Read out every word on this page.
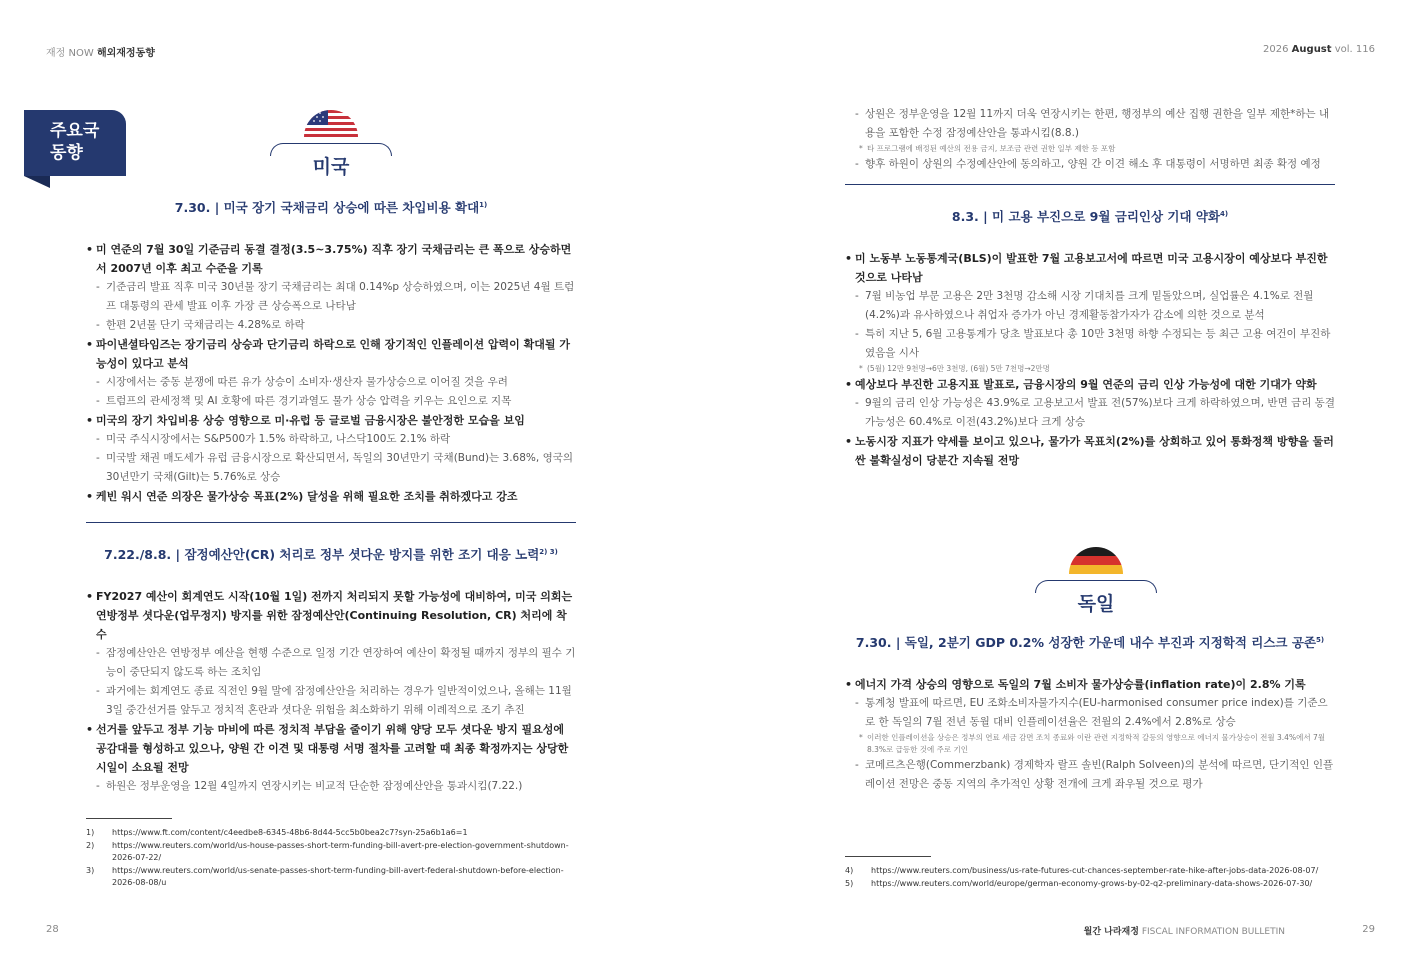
재정 NOW 해외재정동향	2026 August vol. 116
주요국
동향
미국
7.30. | 미국 장기 국채금리 상승에 따른 차입비용 확대$^{1)}$
• 미 연준의 7월 30일 기준금리 동결 결정(3.5~3.75%) 직후 장기 국채금리는 큰 폭으로 상승하면서 2007년 이후 최고 수준을 기록
- 기준금리 발표 직후 미국 30년물 장기 국채금리는 최대 0.14%p 상승하였으며, 이는 2025년 4월 트럼프 대통령의 관세 발표 이후 가장 큰 상승폭으로 나타남
- 한편 2년물 단기 국채금리는 4.28%로 하락
• 파이낸셜타임즈는 장기금리 상승과 단기금리 하락으로 인해 장기적인 인플레이션 압력이 확대될 가능성이 있다고 분석
- 시장에서는 중동 분쟁에 따른 유가 상승이 소비자·생산자 물가상승으로 이어질 것을 우려
- 트럼프의 관세정책 및 AI 호황에 따른 경기과열도 물가 상승 압력을 키우는 요인으로 지목
• 미국의 장기 차입비용 상승 영향으로 미·유럽 등 글로벌 금융시장은 불안정한 모습을 보임
- 미국 주식시장에서는 S&P500가 1.5% 하락하고, 나스닥100도 2.1% 하락
- 미국발 채권 매도세가 유럽 금융시장으로 확산되면서, 독일의 30년만기 국채(Bund)는 3.68%, 영국의 30년만기 국채(Gilt)는 5.76%로 상승
• 케빈 워시 연준 의장은 물가상승 목표(2%) 달성을 위해 필요한 조치를 취하겠다고 강조
7.22./8.8. | 잠정예산안(CR) 처리로 정부 셧다운 방지를 위한 조기 대응 노력$^{2) 3)}$
• FY2027 예산이 회계연도 시작(10월 1일) 전까지 처리되지 못할 가능성에 대비하여, 미국 의회는 연방정부 셧다운(업무정지) 방지를 위한 잠정예산안(Continuing Resolution, CR) 처리에 착수
- 잠정예산안은 연방정부 예산을 현행 수준으로 일정 기간 연장하여 예산이 확정될 때까지 정부의 필수 기능이 중단되지 않도록 하는 조치임
- 과거에는 회계연도 종료 직전인 9월 말에 잠정예산안을 처리하는 경우가 일반적이었으나, 올해는 11월 3일 중간선거를 앞두고 정치적 혼란과 셧다운 위험을 최소화하기 위해 이례적으로 조기 추진
• 선거를 앞두고 정부 기능 마비에 따른 정치적 부담을 줄이기 위해 양당 모두 셧다운 방지 필요성에 공감대를 형성하고 있으나, 양원 간 이견 및 대통령 서명 절차를 고려할 때 최종 확정까지는 상당한 시일이 소요될 전망
- 하원은 정부운영을 12월 4일까지 연장시키는 비교적 단순한 잠정예산안을 통과시킴(7.22.)
1)	https://www.ft.com/content/c4eedbe8-6345-48b6-8d44-5cc5b0bea2c7?syn-25a6b1a6=1
2)	https://www.reuters.com/world/us-house-passes-short-term-funding-bill-avert-pre-election-government-shutdown-2026-07-22/
3)	https://www.reuters.com/world/us-senate-passes-short-term-funding-bill-avert-federal-shutdown-before-election-2026-08-08/u
28
- 상원은 정부운영을 12월 11까지 더욱 연장시키는 한편, 행정부의 예산 집행 권한을 일부 제한*하는 내용을 포함한 수정 잠정예산안을 통과시킴(8.8.)
* 타 프로그램에 배정된 예산의 전용 금지, 보조금 관련 권한 일부 제한 등 포함
- 향후 하원이 상원의 수정예산안에 동의하고, 양원 간 이견 해소 후 대통령이 서명하면 최종 확정 예정
8.3. | 미 고용 부진으로 9월 금리인상 기대 약화$^{4)}$
• 미 노동부 노동통계국(BLS)이 발표한 7월 고용보고서에 따르면 미국 고용시장이 예상보다 부진한 것으로 나타남
- 7월 비농업 부문 고용은 2만 3천명 감소해 시장 기대치를 크게 밑돌았으며, 실업률은 4.1%로 전월(4.2%)과 유사하였으나 취업자 증가가 아닌 경제활동참가자가 감소에 의한 것으로 분석
- 특히 지난 5, 6월 고용통계가 당초 발표보다 총 10만 3천명 하향 수정되는 등 최근 고용 여건이 부진하였음을 시사
* (5월) 12만 9천명→6만 3천명, (6월) 5만 7천명→2만명
• 예상보다 부진한 고용지표 발표로, 금융시장의 9월 연준의 금리 인상 가능성에 대한 기대가 약화
- 9월의 금리 인상 가능성은 43.9%로 고용보고서 발표 전(57%)보다 크게 하락하였으며, 반면 금리 동결 가능성은 60.4%로 이전(43.2%)보다 크게 상승
• 노동시장 지표가 약세를 보이고 있으나, 물가가 목표치(2%)를 상회하고 있어 통화정책 방향을 둘러싼 불확실성이 당분간 지속될 전망
독일
7.30. | 독일, 2분기 GDP 0.2% 성장한 가운데 내수 부진과 지정학적 리스크 공존$^{5)}$
• 에너지 가격 상승의 영향으로 독일의 7월 소비자 물가상승률(inflation rate)이 2.8% 기록
- 통계청 발표에 따르면, EU 조화소비자물가지수(EU-harmonised consumer price index)를 기준으로 한 독일의 7월 전년 동월 대비 인플레이션율은 전월의 2.4%에서 2.8%로 상승
* 이러한 인플레이션을 상승은 정부의 연료 세금 감면 조치 종료와 이란 관련 지정학적 갈등의 영향으로 에너지 물가상승이 전월 3.4%에서 7월 8.3%로 급등한 것에 주로 기인
- 코메르츠은행(Commerzbank) 경제학자 랄프 솔빈(Ralph Solveen)의 분석에 따르면, 단기적인 인플레이션 전망은 중동 지역의 추가적인 상황 전개에 크게 좌우될 것으로 평가
4)	https://www.reuters.com/business/us-rate-futures-cut-chances-september-rate-hike-after-jobs-data-2026-08-07/
5)	https://www.reuters.com/world/europe/german-economy-grows-by-02-q2-preliminary-data-shows-2026-07-30/
월간 나라재정 FISCAL INFORMATION BULLETIN	29
